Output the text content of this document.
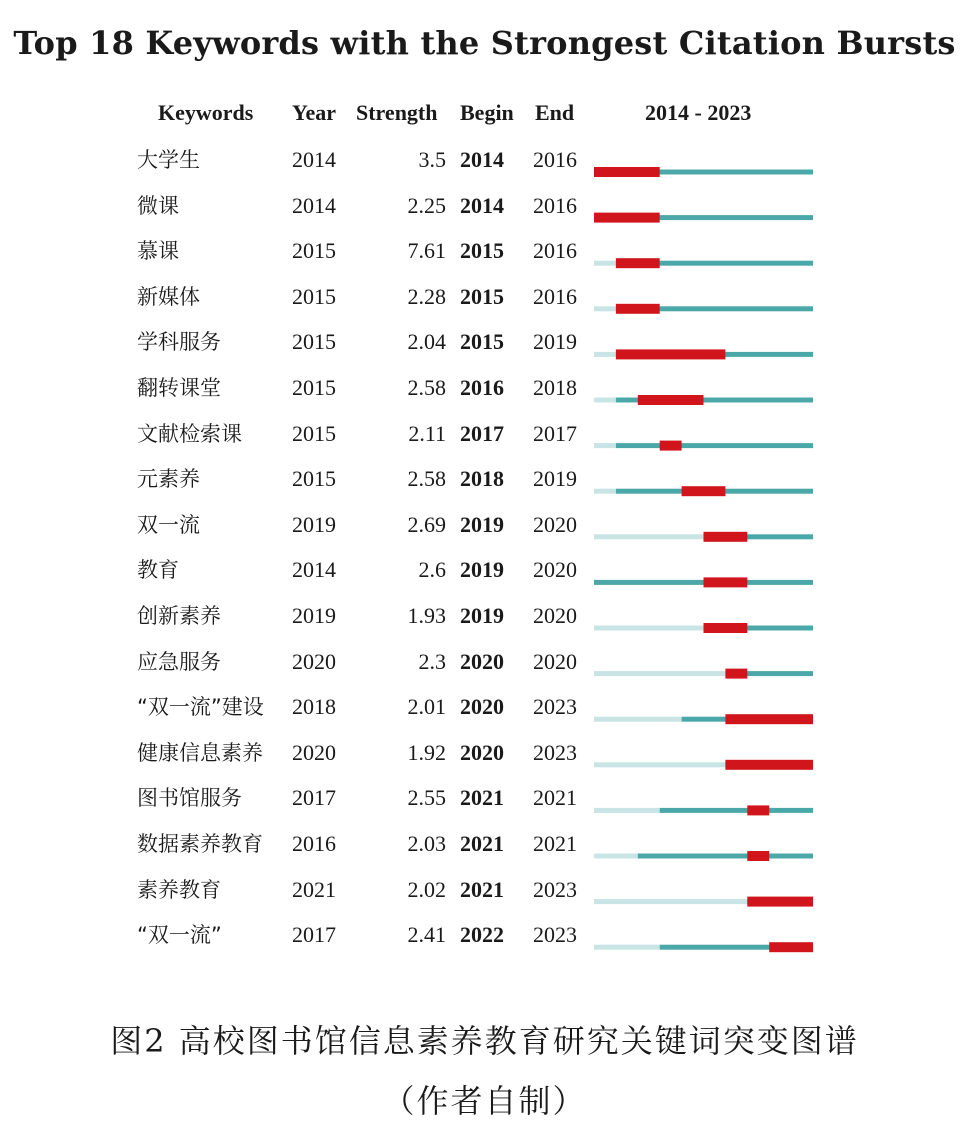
Top 18 Keywords with the Strongest Citation Bursts
Keywords Year Strength Begin End	2014 - 2023
大学生	2014	3.5 2014 2016
微课	2014	2.25 2014 2016
慕课	2015	7.61 2015 2016
新媒体	2015	2.28 2015 2016
学科服务	2015	2.04 2015 2019
翻转课堂	2015	2.58 2016 2018
文献检索课 2015	2.11 2017 2017
元素养	2015	2.58 2018 2019
双一流	2019	2.69 2019 2020
教育	2014	2.6 2019 2020
创新素养	2019	1.93 2019 2020
应急服务	2020	2.3 2020 2020
“双一流”建设 2018	2.01 2020 2023
健康信息素养 2020	1.92 2020 2023
图书馆服务 2017	2.55 2021 2021
数据素养教育 2016	2.03 2021 2021
素养教育	2021	2.02 2021 2023
“双一流”	2017	2.41 2022 2023
图2 高校图书馆信息素养教育研究关键词突变图谱
（作者自制）
